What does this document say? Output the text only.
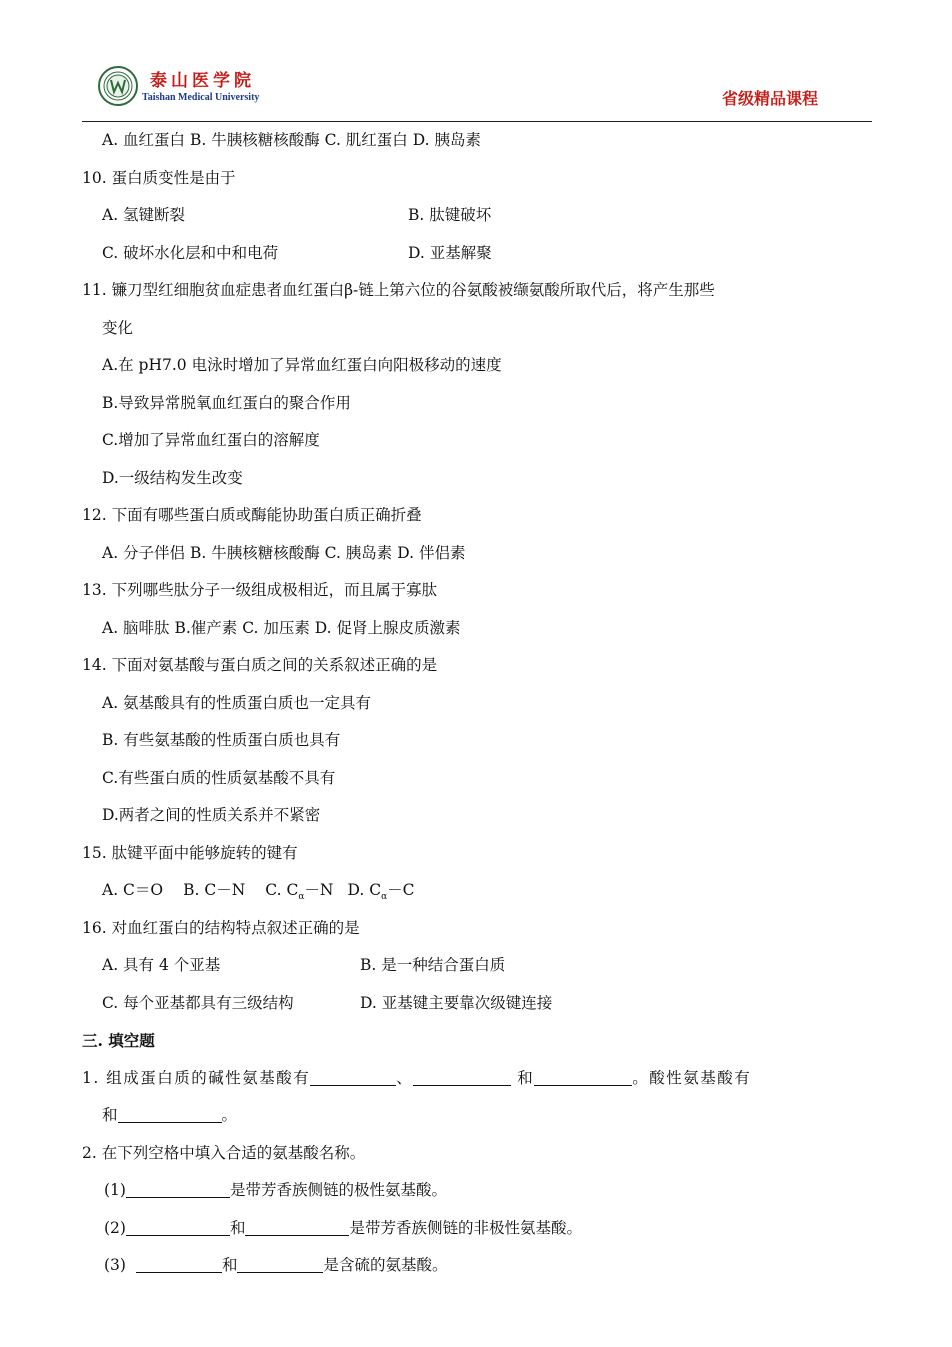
泰山医学院
Taishan Medical University	省级精品课程
A. 血红蛋白 B. 牛胰核糖核酸酶 C. 肌红蛋白 D. 胰岛素
10. 蛋白质变性是由于
A. 氢键断裂	B. 肽键破坏
C. 破坏水化层和中和电荷	D. 亚基解聚
11. 镰刀型红细胞贫血症患者血红蛋白β-链上第六位的谷氨酸被缬氨酸所取代后，将产生那些
变化
A.在 pH7.0 电泳时增加了异常血红蛋白向阳极移动的速度
B.导致异常脱氧血红蛋白的聚合作用
C.增加了异常血红蛋白的溶解度
D.一级结构发生改变
12. 下面有哪些蛋白质或酶能协助蛋白质正确折叠
A. 分子伴侣 B. 牛胰核糖核酸酶 C. 胰岛素 D. 伴侣素
13. 下列哪些肽分子一级组成极相近，而且属于寡肽
A. 脑啡肽 B.催产素 C. 加压素 D. 促肾上腺皮质激素
14. 下面对氨基酸与蛋白质之间的关系叙述正确的是
A. 氨基酸具有的性质蛋白质也一定具有
B. 有些氨基酸的性质蛋白质也具有
C.有些蛋白质的性质氨基酸不具有
D.两者之间的性质关系并不紧密
15. 肽键平面中能够旋转的键有
A. C＝O B. C－N C. $C_\alpha-N$ D. $C_\alpha-C$
16. 对血红蛋白的结构特点叙述正确的是
A. 具有 4 个亚基	B. 是一种结合蛋白质
C. 每个亚基都具有三级结构	D. 亚基键主要靠次级键连接
三. 填空题
1. 组成蛋白质的碱性氨基酸有	、	和	。酸性氨基酸有
和	。
2. 在下列空格中填入合适的氨基酸名称。
(1)	是带芳香族侧链的极性氨基酸。
(2)	和	是带芳香族侧链的非极性氨基酸。
(3)	和	是含硫的氨基酸。
